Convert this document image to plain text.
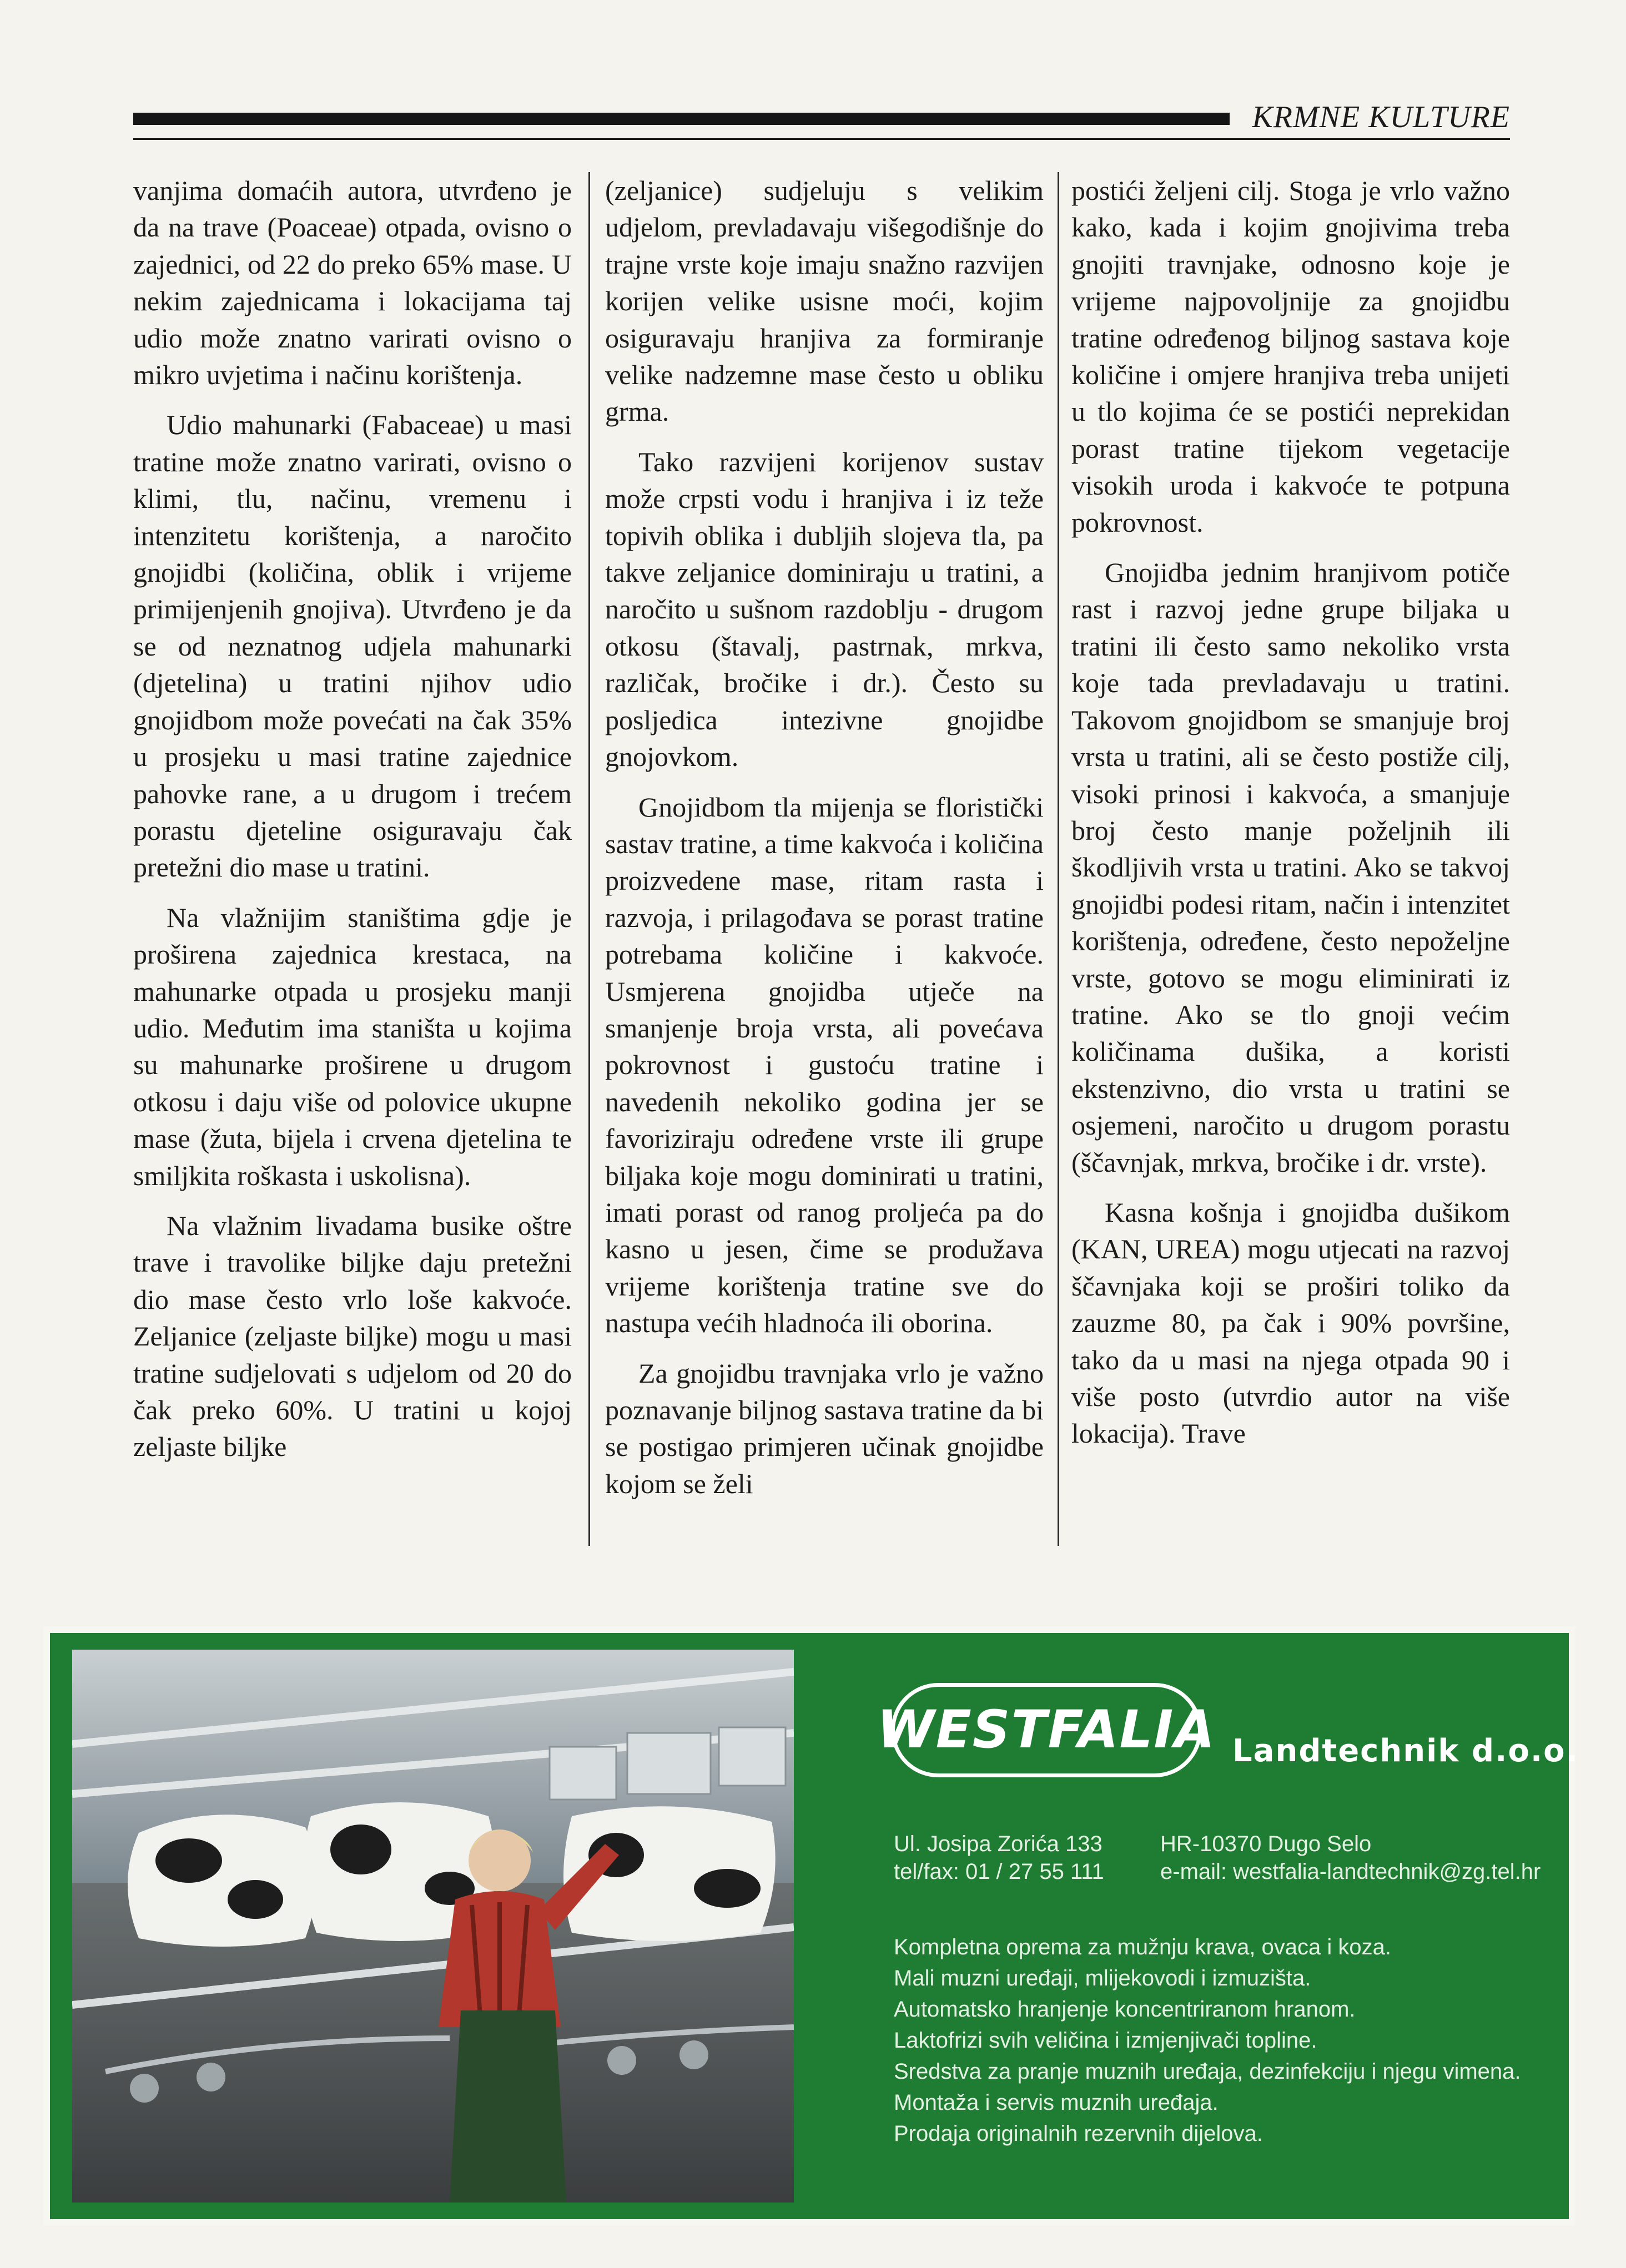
KRMNE KULTURE

vanjima domaćih autora, utvrđeno je da na trave (Poaceae) otpada, ovisno o zajednici, od 22 do preko 65% mase. U nekim zajednicama i lokacijama taj udio može znatno varirati ovisno o mikro uvjetima i načinu korištenja.

Udio mahunarki (Fabaceae) u masi tratine može znatno varirati, ovisno o klimi, tlu, načinu, vremenu i intenzitetu korištenja, a naročito gnojidbi (količina, oblik i vrijeme primijenjenih gnojiva). Utvrđeno je da se od neznatnog udjela mahunarki (djetelina) u tratini njihov udio gnojidbom može povećati na čak 35% u prosjeku u masi tratine zajednice pahovke rane, a u drugom i trećem porastu djeteline osiguravaju čak pretežni dio mase u tratini.

Na vlažnijim staništima gdje je proširena zajednica krestaca, na mahunarke otpada u prosjeku manji udio. Međutim ima staništa u kojima su mahunarke proširene u drugom otkosu i daju više od polovice ukupne mase (žuta, bijela i crvena djetelina te smiljkita roškasta i uskolisna).

Na vlažnim livadama busike oštre trave i travolike biljke daju pretežni dio mase često vrlo loše kakvoće. Zeljanice (zeljaste biljke) mogu u masi tratine sudjelovati s udjelom od 20 do čak preko 60%. U tratini u kojoj zeljaste biljke

(zeljanice) sudjeluju s velikim udjelom, prevladavaju višegodišnje do trajne vrste koje imaju snažno razvijen korijen velike usisne moći, kojim osiguravaju hranjiva za formiranje velike nadzemne mase često u obliku grma.

Tako razvijeni korijenov sustav može crpsti vodu i hranjiva i iz teže topivih oblika i dubljih slojeva tla, pa takve zeljanice dominiraju u tratini, a naročito u sušnom razdoblju - drugom otkosu (štavalj, pastrnak, mrkva, različak, bročike i dr.). Često su posljedica intezivne gnojidbe gnojovkom.

Gnojidbom tla mijenja se floristički sastav tratine, a time kakvoća i količina proizvedene mase, ritam rasta i razvoja, i prilagođava se porast tratine potrebama količine i kakvoće. Usmjerena gnojidba utječe na smanjenje broja vrsta, ali povećava pokrovnost i gustoću tratine i navedenih nekoliko godina jer se favoriziraju određene vrste ili grupe biljaka koje mogu dominirati u tratini, imati porast od ranog proljeća pa do kasno u jesen, čime se produžava vrijeme korištenja tratine sve do nastupa većih hladnoća ili oborina.

Za gnojidbu travnjaka vrlo je važno poznavanje biljnog sastava tratine da bi se postigao primjeren učinak gnojidbe kojom se želi

postići željeni cilj. Stoga je vrlo važno kako, kada i kojim gnojivima treba gnojiti travnjake, odnosno koje je vrijeme najpovoljnije za gnojidbu tratine određenog biljnog sastava koje količine i omjere hranjiva treba unijeti u tlo kojima će se postići neprekidan porast tratine tijekom vegetacije visokih uroda i kakvoće te potpuna pokrovnost.

Gnojidba jednim hranjivom potiče rast i razvoj jedne grupe biljaka u tratini ili često samo nekoliko vrsta koje tada prevladavaju u tratini. Takovom gnojidbom se smanjuje broj vrsta u tratini, ali se često postiže cilj, visoki prinosi i kakvoća, a smanjuje broj često manje poželjnih ili škodljivih vrsta u tratini. Ako se takvoj gnojidbi podesi ritam, način i intenzitet korištenja, određene, često nepoželjne vrste, gotovo se mogu eliminirati iz tratine. Ako se tlo gnoji većim količinama dušika, a koristi ekstenzivno, dio vrsta u tratini se osjemeni, naročito u drugom porastu (ščavnjak, mrkva, bročike i dr. vrste).

Kasna košnja i gnojidba dušikom (KAN, UREA) mogu utjecati na razvoj ščavnjaka koji se proširi toliko da zauzme 80, pa čak i 90% površine, tako da u masi na njega otpada 90 i više posto (utvrdio autor na više lokacija). Trave

WESTFALIA Landtechnik d.o.o.
Ul. Josipa Zorića 133
tel/fax: 01 / 27 55 111
HR-10370 Dugo Selo
e-mail: westfalia-landtechnik@zg.tel.hr
Kompletna oprema za mužnju krava, ovaca i koza.
Mali muzni uređaji, mlijekovodi i izmuzišta.
Automatsko hranjenje koncentriranom hranom.
Laktofrizi svih veličina i izmjenjivači topline.
Sredstva za pranje muznih uređaja, dezinfekciju i njegu vimena.
Montaža i servis muznih uređaja.
Prodaja originalnih rezervnih dijelova.
